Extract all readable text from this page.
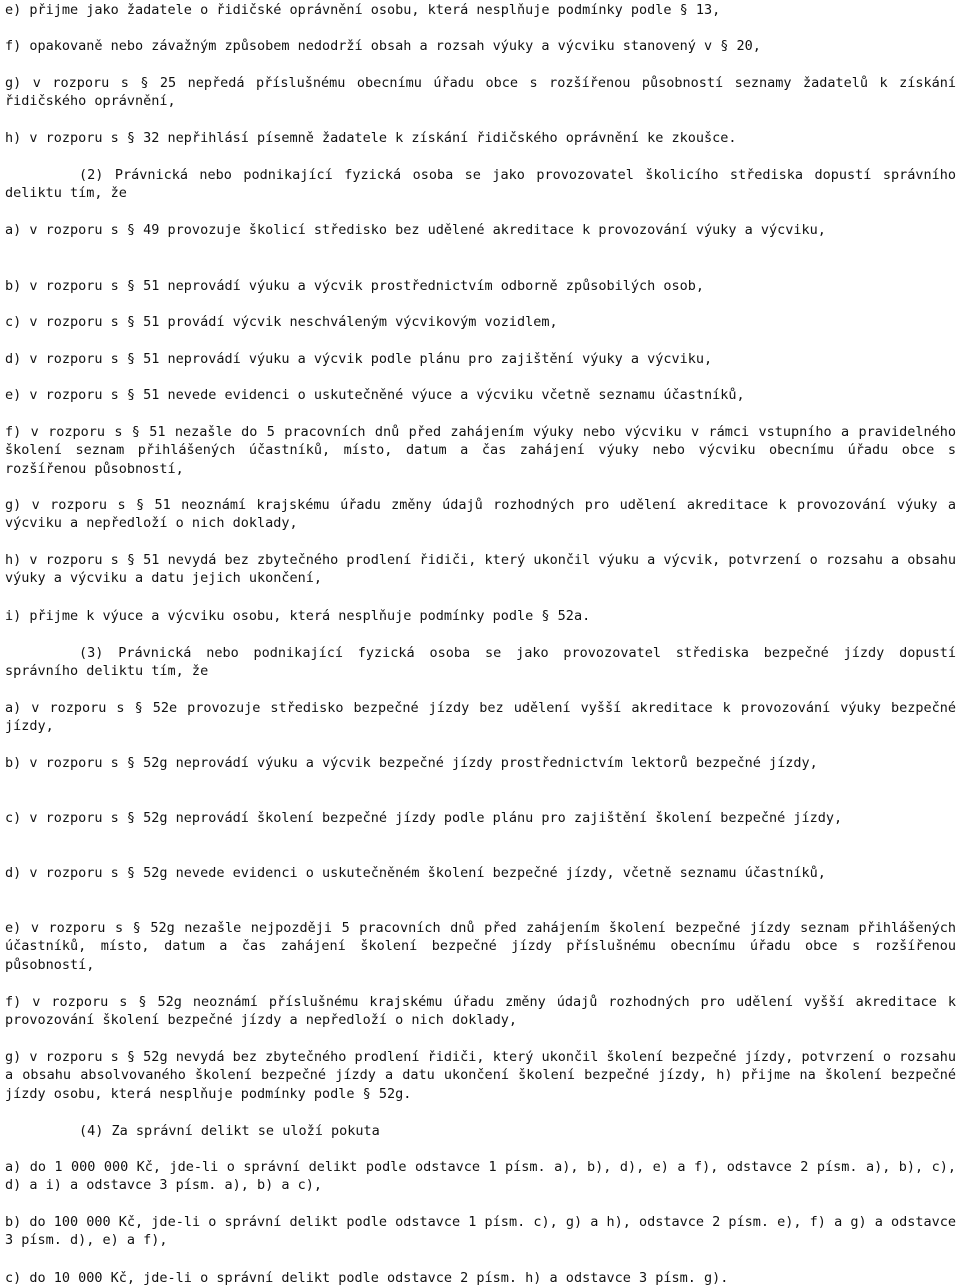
e) přijme jako žadatele o řidičské oprávnění osobu, která nesplňuje podmínky podle § 13,

f) opakovaně nebo závažným způsobem nedodrží obsah a rozsah výuky a výcviku stanovený v § 20,

g) v rozporu s § 25 nepředá příslušnému obecnímu úřadu obce s rozšířenou působností seznamy žadatelů k získání řidičského oprávnění,

h) v rozporu s § 32 nepřihlásí písemně žadatele k získání řidičského oprávnění ke zkoušce.

(2) Právnická nebo podnikající fyzická osoba se jako provozovatel školicího střediska dopustí správního deliktu tím, že

a) v rozporu s § 49 provozuje školicí středisko bez udělené akreditace k provozování výuky a výcviku,

b) v rozporu s § 51 neprovádí výuku a výcvik prostřednictvím odborně způsobilých osob,

c) v rozporu s § 51 provádí výcvik neschváleným výcvikovým vozidlem,

d) v rozporu s § 51 neprovádí výuku a výcvik podle plánu pro zajištění výuky a výcviku,

e) v rozporu s § 51 nevede evidenci o uskutečněné výuce a výcviku včetně seznamu účastníků,

f) v rozporu s § 51 nezašle do 5 pracovních dnů před zahájením výuky nebo výcviku v rámci vstupního a pravidelného školení seznam přihlášených účastníků, místo, datum a čas zahájení výuky nebo výcviku obecnímu úřadu obce s rozšířenou působností,

g) v rozporu s § 51 neoznámí krajskému úřadu změny údajů rozhodných pro udělení akreditace k provozování výuky a výcviku a nepředloží o nich doklady,

h) v rozporu s § 51 nevydá bez zbytečného prodlení řidiči, který ukončil výuku a výcvik, potvrzení o rozsahu a obsahu výuky a výcviku a datu jejich ukončení,

i) přijme k výuce a výcviku osobu, která nesplňuje podmínky podle § 52a.

(3) Právnická nebo podnikající fyzická osoba se jako provozovatel střediska bezpečné jízdy dopustí správního deliktu tím, že

a) v rozporu s § 52e provozuje středisko bezpečné jízdy bez udělení vyšší akreditace k provozování výuky bezpečné jízdy,

b) v rozporu s § 52g neprovádí výuku a výcvik bezpečné jízdy prostřednictvím lektorů bezpečné jízdy,

c) v rozporu s § 52g neprovádí školení bezpečné jízdy podle plánu pro zajištění školení bezpečné jízdy,

d) v rozporu s § 52g nevede evidenci o uskutečněném školení bezpečné jízdy, včetně seznamu účastníků,

e) v rozporu s § 52g nezašle nejpozději 5 pracovních dnů před zahájením školení bezpečné jízdy seznam přihlášených účastníků, místo, datum a čas zahájení školení bezpečné jízdy příslušnému obecnímu úřadu obce s rozšířenou působností,

f) v rozporu s § 52g neoznámí příslušnému krajskému úřadu změny údajů rozhodných pro udělení vyšší akreditace k provozování školení bezpečné jízdy a nepředloží o nich doklady,

g) v rozporu s § 52g nevydá bez zbytečného prodlení řidiči, který ukončil školení bezpečné jízdy, potvrzení o rozsahu a obsahu absolvovaného školení bezpečné jízdy a datu ukončení školení bezpečné jízdy, h) přijme na školení bezpečné jízdy osobu, která nesplňuje podmínky podle § 52g.

(4) Za správní delikt se uloží pokuta

a) do 1 000 000 Kč, jde-li o správní delikt podle odstavce 1 písm. a), b), d), e) a f), odstavce 2 písm. a), b), c), d) a i) a odstavce 3 písm. a), b) a c),

b) do 100 000 Kč, jde-li o správní delikt podle odstavce 1 písm. c), g) a h), odstavce 2 písm. e), f) a g) a odstavce 3 písm. d), e) a f),

c) do 10 000 Kč, jde-li o správní delikt podle odstavce 2 písm. h) a odstavce 3 písm. g).
